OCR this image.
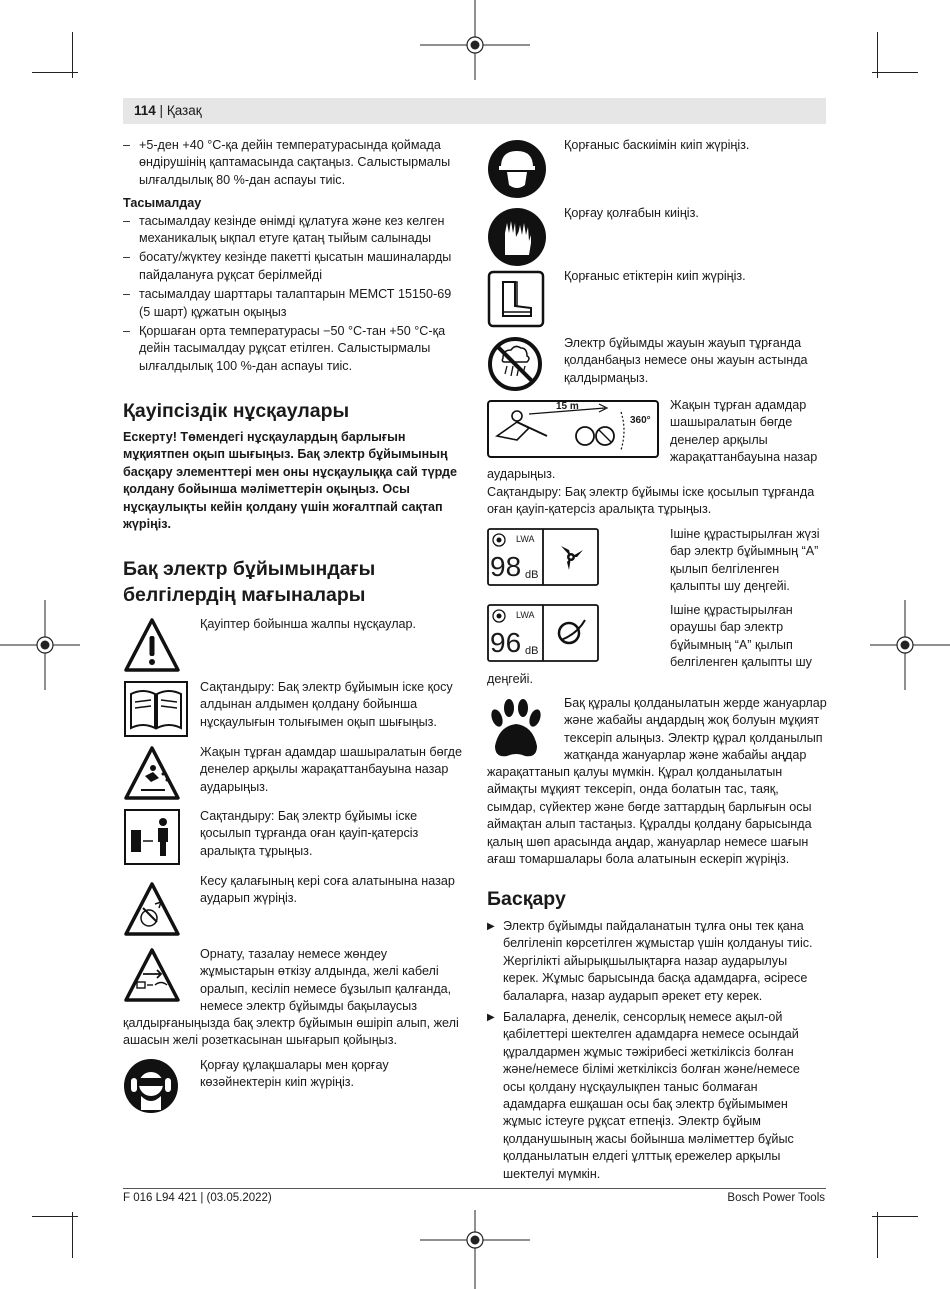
114 | Қазақ
– +5-ден +40 °C-қа дейін температурасында қоймада өндірушінің қаптамасында сақтаңыз. Салыстырмалы ылғалдылық 80 %-дан аспауы тиіс.

Тасымалдау

– тасымалдау кезінде өнімді құлатуға және кез келген механикалық ықпал етуге қатаң тыйым салынады
– босату/жүктеу кезінде пакетті қысатын машиналарды пайдалануға рұқсат берілмейді
– тасымалдау шарттары талаптарын МЕМСТ 15150-69 (5 шарт) құжатын оқыңыз
– Қоршаған орта температурасы −50 °C-тан +50 °C-қа дейін тасымалдау рұқсат етілген. Салыстырмалы ылғалдылық 100 %-дан аспауы тиіс.

Қауіпсіздік нұсқаулары

Ескерту! Төмендегі нұсқаулардың барлығын мұқиятпен оқып шығыңыз. Бақ электр бұйымының басқару элементтері мен оны нұсқаулыққа сай түрде қолдану бойынша мәліметтерін оқыңыз. Осы нұсқаулықты кейін қолдану үшін жоғалтпай сақтап жүріңіз.

Бақ электр бұйымындағы

белгілердің мағыналары

Қауіптер бойынша жалпы нұсқаулар.
Сақтандыру: Бақ электр бұйымын іске қосу алдынан алдымен қолдану бойынша нұсқаулығын толығымен оқып шығыңыз.
Жақын тұрған адамдар шашыралатын бөгде денелер арқылы жарақаттанбауына назар аударыңыз.
Сақтандыру: Бақ электр бұйымы іске қосылып тұрғанда оған қауіп-қатерсіз аралықта тұрыңыз.
Кесу қалағының кері соға алатынына назар аударып жүріңіз.
Орнату, тазалау немесе жөндеу жұмыстарын өткізу алдында, желі кабелі оралып, кесіліп немесе бұзылып қалғанда, немесе электр бұйымды бақылаусыз
қалдырғаныңызда бақ электр бұйымын өшіріп алып, желі ашасын желі розеткасынан шығарып қойыңыз.
Қорғау құлақшалары мен қорғау көзәйнектерін киіп жүріңіз.
Қорғаныс баскиімін киіп жүріңіз.
Қорғау қолғабын киіңіз.
Қорғаныс етіктерін киіп жүріңіз.
Электр бұйымды жауын жауып тұрғанда қолданбаңыз немесе оны жауын астында қалдырмаңыз.
15 m
360°
Жақын тұрған адамдар шашыралатын бөгде денелер арқылы жарақаттанбауына назар
аударыңыз.
Сақтандыру: Бақ электр бұйымы іске қосылып тұрғанда оған қауіп-қатерсіз аралықта тұрыңыз.
LWA
98 dB
Ішіне құрастырылған жүзі бар электр бұйымның “A” қылып белгіленген қалыпты шу деңгейі.
LWA
96 dB
Ішіне құрастырылған ораушы бар электр бұйымның “A” қылып белгіленген қалыпты шу
деңгейі.
Бақ құралы қолданылатын жерде жануарлар және жабайы аңдардың жоқ болуын мұқият тексеріп алыңыз. Электр құрал қолданылып жатқанда жануарлар және жабайы аңдар
жарақаттанып қалуы мүмкін. Құрал қолданылатын аймақты мұқият тексеріп, онда болатын тас, таяқ, сымдар, сүйектер және бөгде заттардың барлығын осы аймақтан алып тастаңыз. Құралды қолдану барысында қалың шөп арасында аңдар, жануарлар немесе шағын ағаш томаршалары бола алатынын ескеріп жүріңіз.

Басқару

▶ Электр бұйымды пайдаланатын тұлға оны тек қана белгіленіп көрсетілген жұмыстар үшін қолдануы тиіс. Жергілікті айырықшылықтарға назар аударылуы керек. Жұмыс барысында басқа адамдарға, әсіресе балаларға, назар аударып әрекет ету керек.
▶ Балаларға, денелік, сенсорлық немесе ақыл-ой қабілеттері шектелген адамдарға немесе осындай құралдармен жұмыс тәжірибесі жеткіліксіз болған және/немесе білімі жеткіліксіз болған және/немесе осы қолдану нұсқаулықпен таныс болмаған адамдарға ешқашан осы бақ электр бұйымымен жұмыс істеуге рұқсат етпеңіз. Электр бұйым қолданушының жасы бойынша мәліметтер бұйыс қолданылатын елдегі ұлттық ережелер арқылы шектелуі мүмкін.
F 016 L94 421 | (03.05.2022)	Bosch Power Tools
